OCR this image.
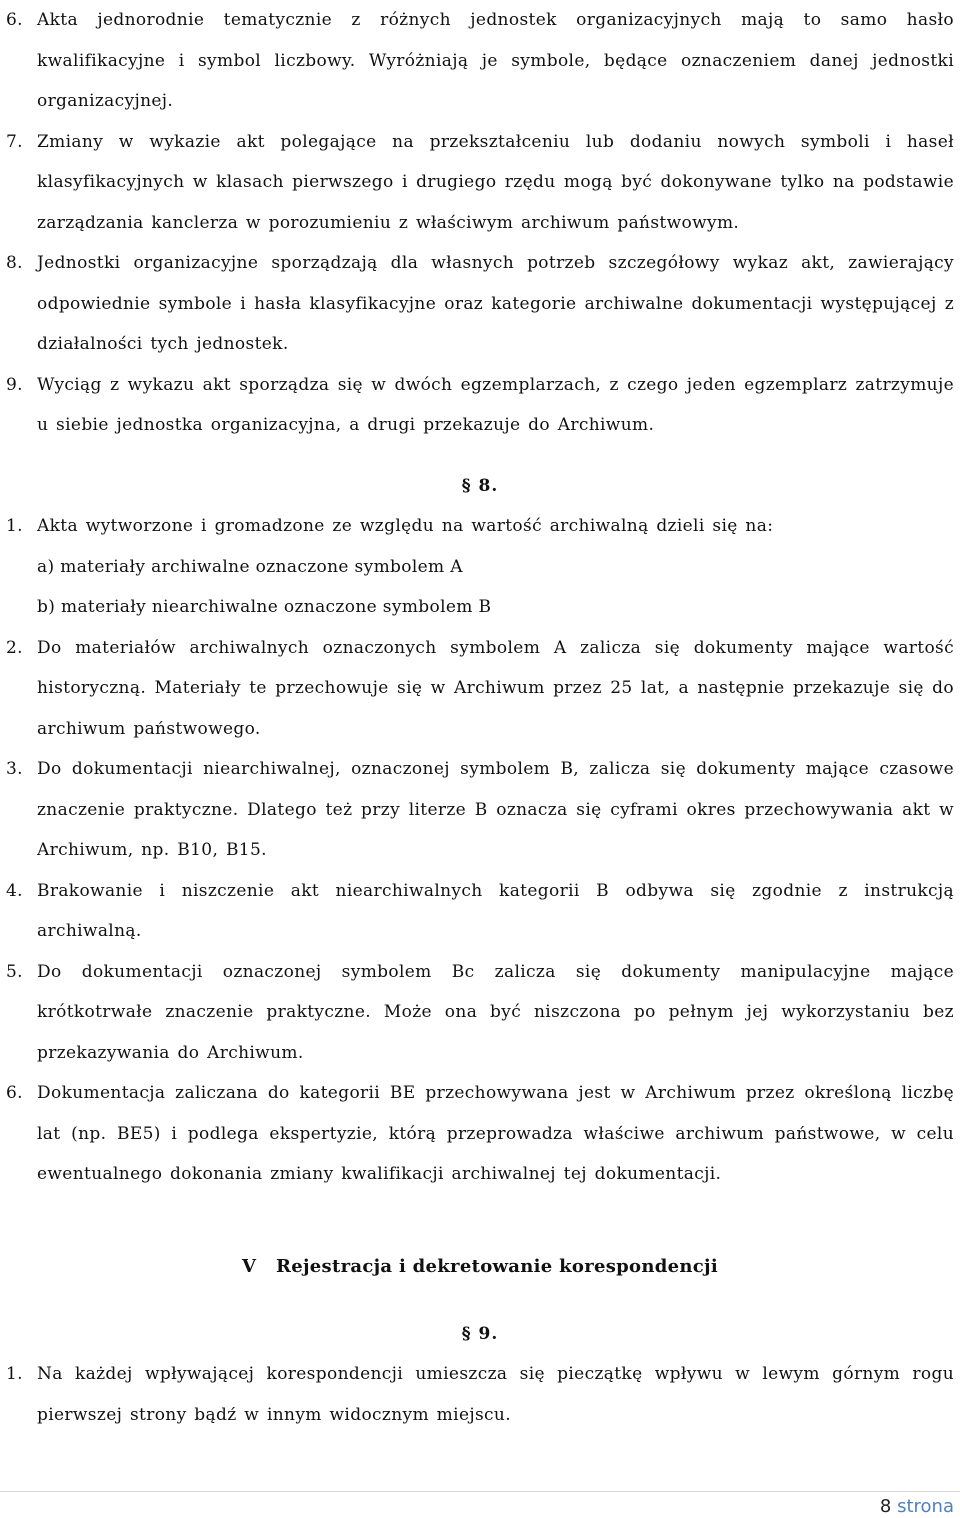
6. Akta jednorodnie tematycznie z różnych jednostek organizacyjnych mają to samo hasło kwalifikacyjne i symbol liczbowy. Wyróżniają je symbole, będące oznaczeniem danej jednostki organizacyjnej.
7. Zmiany w wykazie akt polegające na przekształceniu lub dodaniu nowych symboli i haseł klasyfikacyjnych w klasach pierwszego i drugiego rzędu mogą być dokonywane tylko na podstawie zarządzania kanclerza w porozumieniu z właściwym archiwum państwowym.
8. Jednostki organizacyjne sporządzają dla własnych potrzeb szczegółowy wykaz akt, zawierający odpowiednie symbole i hasła klasyfikacyjne oraz kategorie archiwalne dokumentacji występującej z działalności tych jednostek.
9. Wyciąg z wykazu akt sporządza się w dwóch egzemplarzach, z czego jeden egzemplarz zatrzymuje u siebie jednostka organizacyjna, a drugi przekazuje do Archiwum.
§ 8.
1. Akta wytworzone i gromadzone ze względu na wartość archiwalną dzieli się na:
a) materiały archiwalne oznaczone symbolem A
b) materiały niearchiwalne oznaczone symbolem B
2. Do materiałów archiwalnych oznaczonych symbolem A zalicza się dokumenty mające wartość historyczną. Materiały te przechowuje się w Archiwum przez 25 lat, a następnie przekazuje się do archiwum państwowego.
3. Do dokumentacji niearchiwalnej, oznaczonej symbolem B, zalicza się dokumenty mające czasowe znaczenie praktyczne. Dlatego też przy literze B oznacza się cyframi okres przechowywania akt w Archiwum, np. B10, B15.
4. Brakowanie i niszczenie akt niearchiwalnych kategorii B odbywa się zgodnie z instrukcją archiwalną.
5. Do dokumentacji oznaczonej symbolem Bc zalicza się dokumenty manipulacyjne mające krótkotrwałe znaczenie praktyczne. Może ona być niszczona po pełnym jej wykorzystaniu bez przekazywania do Archiwum.
6. Dokumentacja zaliczana do kategorii BE przechowywana jest w Archiwum przez określoną liczbę lat (np. BE5) i podlega ekspertyzie, którą przeprowadza właściwe archiwum państwowe, w celu ewentualnego dokonania zmiany kwalifikacji archiwalnej tej dokumentacji.
V   Rejestracja i dekretowanie korespondencji
§ 9.
1. Na każdej wpływającej korespondencji umieszcza się pieczątkę wpływu w lewym górnym rogu pierwszej strony bądź w innym widocznym miejscu.
8 strona
